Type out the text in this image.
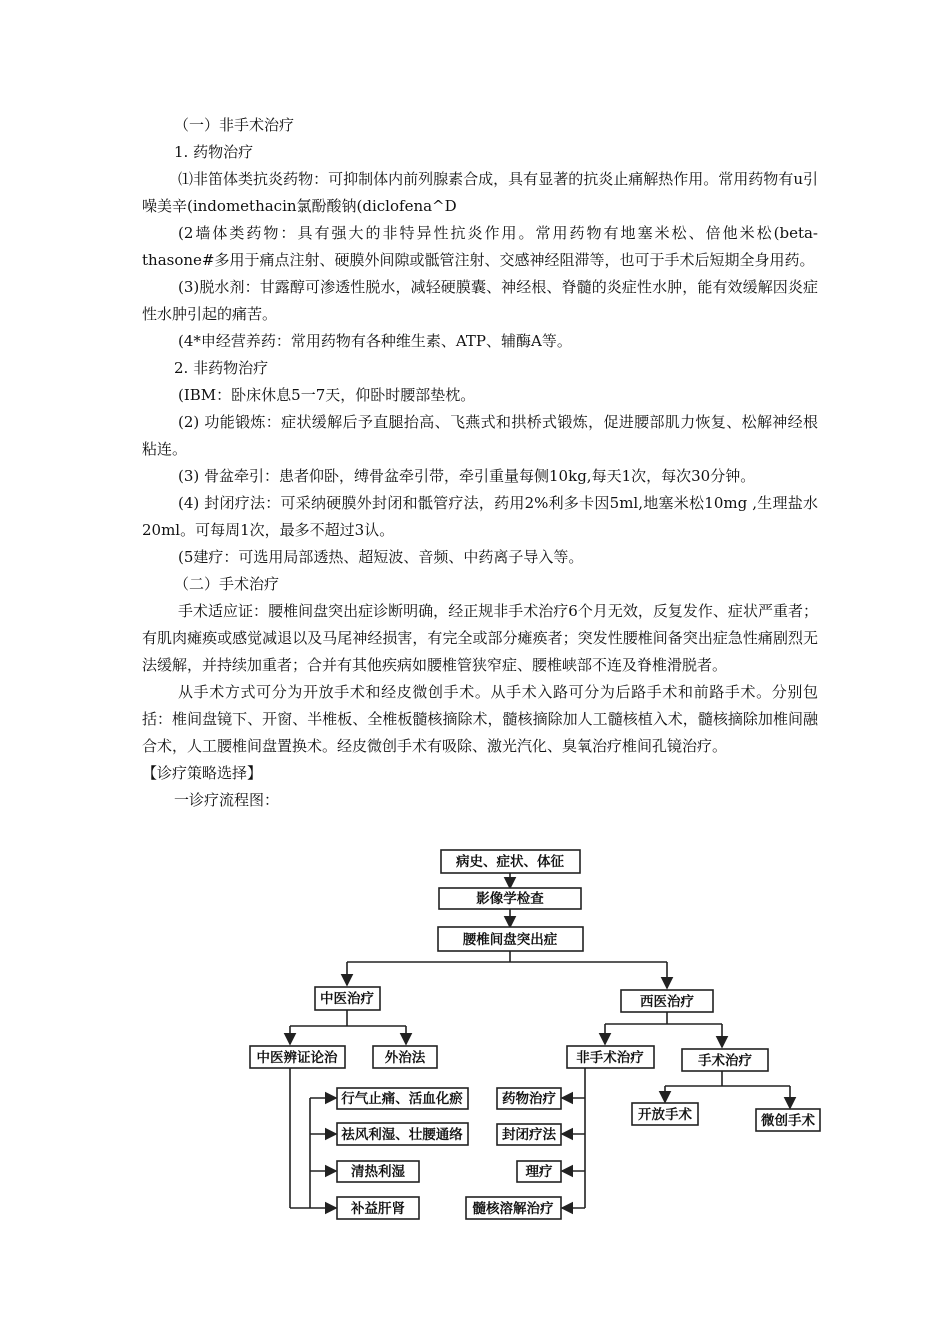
（一）非手术治疗

1. 药物治疗

⑴非笛体类抗炎药物：可抑制体内前列腺素合成，具有显著的抗炎止痛解热作用。常用药物有u引噪美辛(indomethacin氯酚酸钠(diclofena^D

(2墙体类药物：具有强大的非特异性抗炎作用。常用药物有地塞米松、倍他米松(beta-thasone#多用于痛点注射、硬膜外间隙或骶管注射、交感神经阻滞等，也可于手术后短期全身用药。

(3)脱水剂：甘露醇可渗透性脱水，减轻硬膜囊、神经根、脊髓的炎症性水肿，能有效缓解因炎症性水肿引起的痛苦。

(4*申经营养药：常用药物有各种维生素、ATP、辅酶A等。

2. 非药物治疗

(IBM：卧床休息5一7天，仰卧时腰部垫枕。

(2) 功能锻炼：症状缓解后予直腿抬高、飞燕式和拱桥式锻炼，促进腰部肌力恢复、松解神经根粘连。

(3) 骨盆牵引：患者仰卧，缚骨盆牵引带，牵引重量每侧10kg,每天1次，每次30分钟。

(4) 封闭疗法：可采纳硬膜外封闭和骶管疗法，药用2%利多卡因5ml,地塞米松10mg ,生理盐水20ml。可每周1次，最多不超过3认。

(5建疗：可选用局部透热、超短波、音频、中药离子导入等。

（二）手术治疗

手术适应证：腰椎间盘突出症诊断明确，经正规非手术治疗6个月无效，反复发作、症状严重者；有肌肉瘫痪或感觉减退以及马尾神经损害，有完全或部分瘫痪者；突发性腰椎间备突出症急性痛剧烈无法缓解，并持续加重者；合并有其他疾病如腰椎管狭窄症、腰椎峡部不连及脊椎滑脱者。

从手术方式可分为开放手术和经皮微创手术。从手术入路可分为后路手术和前路手术。分别包括：椎间盘镜下、开窗、半椎板、全椎板髓核摘除术，髓核摘除加人工髓核植入术，髓核摘除加椎间融合术，人工腰椎间盘置换术。经皮微创手术有吸除、激光汽化、臭氧治疗椎间孔镜治疗。

【诊疗策略选择】

一诊疗流程图：

病史、症状、体征
影像学检查
腰椎间盘突出症
中医治疗	西医治疗
中医辨证论治	外治法	非手术治疗	手术治疗
行气止痛、活血化瘀
祛风利湿、壮腰通络
清热利湿
补益肝肾
药物治疗
封闭疗法
理疗
髓核溶解治疗
开放手术	微创手术
